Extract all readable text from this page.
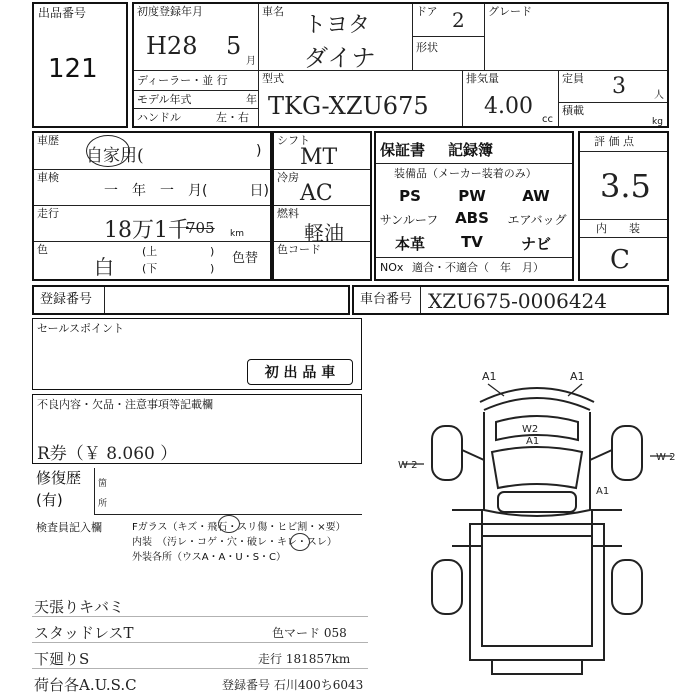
出品番号
121
初度登録年月
H28 5
月
車名
トヨタ
ダイナ
ドア 2
形状
グレード
ディーラー・並 行
モデル年式	年
ハンドル	左・右
型式
TKG-XZU675
排気量
4.00
cc
定員 3	人
積載
kg
車歴
自家用(	)
車検
一　年　一　月(　　　日)
走行
18万1千
705 km
色
白
(上	)
(下	)
色替
シフト
MT
冷房
AC
燃料
軽油
色コード
保証書 記録簿
装備品（メーカー装着のみ）
PS	PW	AW
サンルーフ	ABS	エアバッグ
本革	TV	ナビ
NOx 適合・不適合（　年　月）
評 価 点
3.5
内　　装
C
登録番号	車台番号 XZU675-0006424
セールスポイント
初 出 品 車
不良内容・欠品・注意事項等記載欄
R券（￥ 8.060 ）
修復歴
(有)
箇所
検査員記入欄	Fガラス（キズ・飛石・スリ傷・ヒビ割・×要）
内装　（汚レ・コゲ・穴・破レ・キレ・スレ）
外装各所（ウスA・A・U・S・C）
天張りキバミ
スタッドレスT
下廻りS
荷台各A.U.S.C
色マード 058
走行 181857km
登録番号 石川400ち6043
A1	A1
W2
A1
W 2
W 2
A1
